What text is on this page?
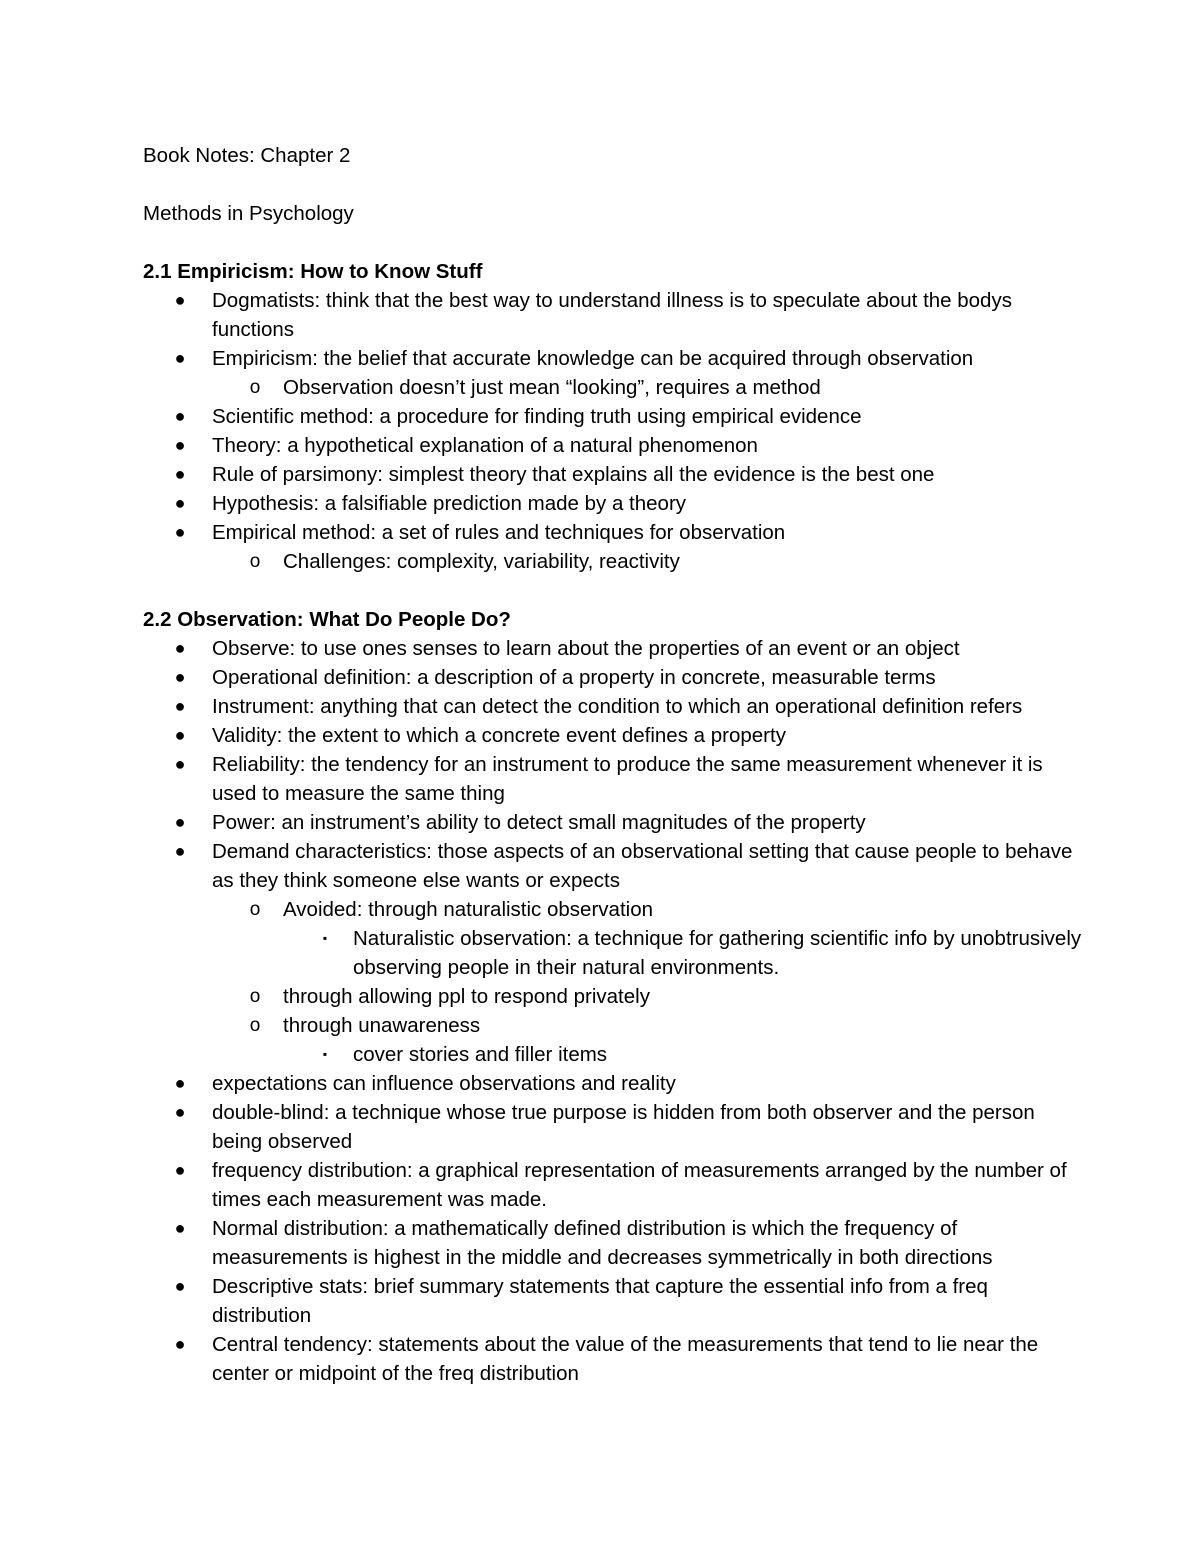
Book Notes: Chapter 2

Methods in Psychology

2.1 Empiricism: How to Know Stuff

● Dogmatists: think that the best way to understand illness is to speculate about the bodys functions
● Empiricism: the belief that accurate knowledge can be acquired through observation
o Observation doesn’t just mean “looking”, requires a method
● Scientific method: a procedure for finding truth using empirical evidence
● Theory: a hypothetical explanation of a natural phenomenon
● Rule of parsimony: simplest theory that explains all the evidence is the best one
● Hypothesis: a falsifiable prediction made by a theory
● Empirical method: a set of rules and techniques for observation
o Challenges: complexity, variability, reactivity

2.2 Observation: What Do People Do?

● Observe: to use ones senses to learn about the properties of an event or an object
● Operational definition: a description of a property in concrete, measurable terms
● Instrument: anything that can detect the condition to which an operational definition refers
● Validity: the extent to which a concrete event defines a property
● Reliability: the tendency for an instrument to produce the same measurement whenever it is used to measure the same thing
● Power: an instrument’s ability to detect small magnitudes of the property
● Demand characteristics: those aspects of an observational setting that cause people to behave as they think someone else wants or expects
o Avoided: through naturalistic observation
▪ Naturalistic observation: a technique for gathering scientific info by unobtrusively observing people in their natural environments.
o through allowing ppl to respond privately
o through unawareness
▪ cover stories and filler items
● expectations can influence observations and reality
● double-blind: a technique whose true purpose is hidden from both observer and the person being observed
● frequency distribution: a graphical representation of measurements arranged by the number of times each measurement was made.
● Normal distribution: a mathematically defined distribution is which the frequency of measurements is highest in the middle and decreases symmetrically in both directions
● Descriptive stats: brief summary statements that capture the essential info from a freq distribution
● Central tendency: statements about the value of the measurements that tend to lie near the center or midpoint of the freq distribution
